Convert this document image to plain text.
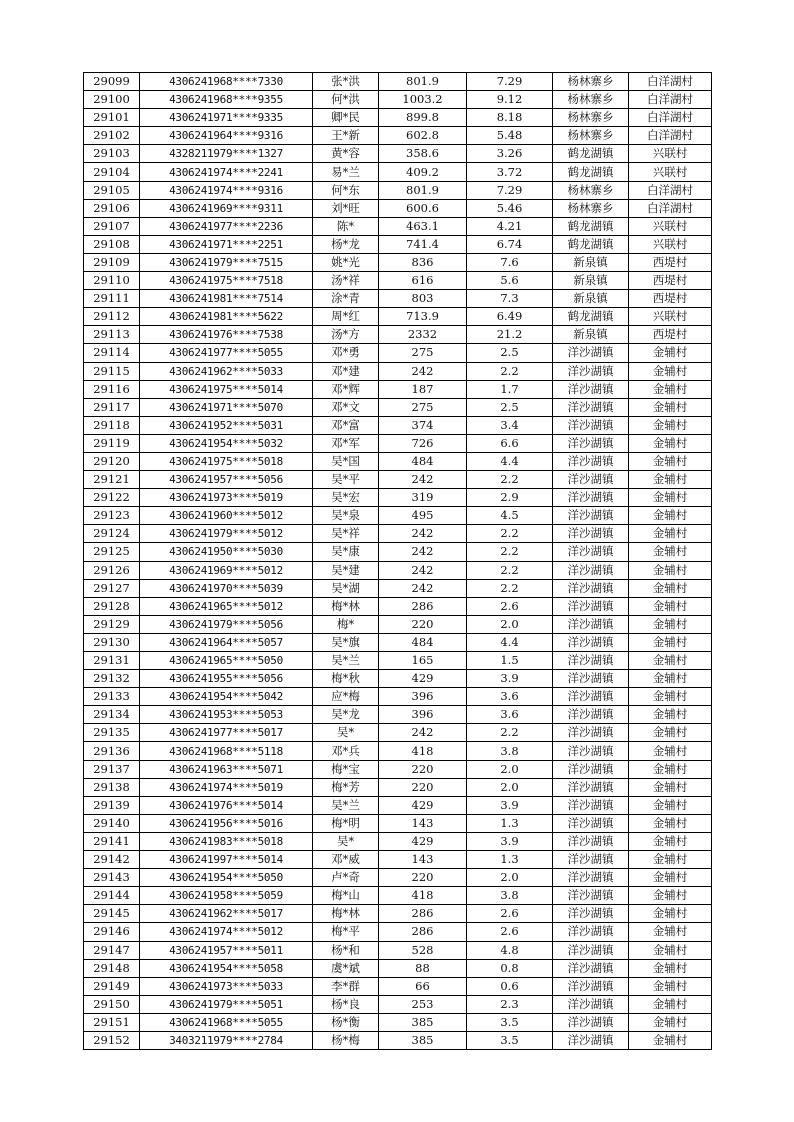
29099	4306241968****7330	张*洪	801.9	7.29	杨林寨乡	白洋湖村
29100	4306241968****9355	何*洪	1003.2	9.12	杨林寨乡	白洋湖村
29101	4306241971****9335	卿*民	899.8	8.18	杨林寨乡	白洋湖村
29102	4306241964****9316	王*新	602.8	5.48	杨林寨乡	白洋湖村
29103	4328211979****1327	黄*容	358.6	3.26	鹤龙湖镇	兴联村
29104	4306241974****2241	易*兰	409.2	3.72	鹤龙湖镇	兴联村
29105	4306241974****9316	何*东	801.9	7.29	杨林寨乡	白洋湖村
29106	4306241969****9311	刘*旺	600.6	5.46	杨林寨乡	白洋湖村
29107	4306241977****2236	陈*	463.1	4.21	鹤龙湖镇	兴联村
29108	4306241971****2251	杨*龙	741.4	6.74	鹤龙湖镇	兴联村
29109	4306241979****7515	姚*光	836	7.6	新泉镇	西堤村
29110	4306241975****7518	汤*祥	616	5.6	新泉镇	西堤村
29111	4306241981****7514	涂*青	803	7.3	新泉镇	西堤村
29112	4306241981****5622	周*红	713.9	6.49	鹤龙湖镇	兴联村
29113	4306241976****7538	汤*方	2332	21.2	新泉镇	西堤村
29114	4306241977****5055	邓*勇	275	2.5	洋沙湖镇	金辅村
29115	4306241962****5033	邓*建	242	2.2	洋沙湖镇	金辅村
29116	4306241975****5014	邓*辉	187	1.7	洋沙湖镇	金辅村
29117	4306241971****5070	邓*文	275	2.5	洋沙湖镇	金辅村
29118	4306241952****5031	邓*富	374	3.4	洋沙湖镇	金辅村
29119	4306241954****5032	邓*军	726	6.6	洋沙湖镇	金辅村
29120	4306241975****5018	吴*国	484	4.4	洋沙湖镇	金辅村
29121	4306241957****5056	吴*平	242	2.2	洋沙湖镇	金辅村
29122	4306241973****5019	吴*宏	319	2.9	洋沙湖镇	金辅村
29123	4306241960****5012	吴*泉	495	4.5	洋沙湖镇	金辅村
29124	4306241979****5012	吴*祥	242	2.2	洋沙湖镇	金辅村
29125	4306241950****5030	吴*康	242	2.2	洋沙湖镇	金辅村
29126	4306241969****5012	吴*建	242	2.2	洋沙湖镇	金辅村
29127	4306241970****5039	吴*湖	242	2.2	洋沙湖镇	金辅村
29128	4306241965****5012	梅*林	286	2.6	洋沙湖镇	金辅村
29129	4306241979****5056	梅*	220	2.0	洋沙湖镇	金辅村
29130	4306241964****5057	吴*旗	484	4.4	洋沙湖镇	金辅村
29131	4306241965****5050	吴*兰	165	1.5	洋沙湖镇	金辅村
29132	4306241955****5056	梅*秋	429	3.9	洋沙湖镇	金辅村
29133	4306241954****5042	应*梅	396	3.6	洋沙湖镇	金辅村
29134	4306241953****5053	吴*龙	396	3.6	洋沙湖镇	金辅村
29135	4306241977****5017	吴*	242	2.2	洋沙湖镇	金辅村
29136	4306241968****5118	邓*兵	418	3.8	洋沙湖镇	金辅村
29137	4306241963****5071	梅*宝	220	2.0	洋沙湖镇	金辅村
29138	4306241974****5019	梅*芳	220	2.0	洋沙湖镇	金辅村
29139	4306241976****5014	吴*兰	429	3.9	洋沙湖镇	金辅村
29140	4306241956****5016	梅*明	143	1.3	洋沙湖镇	金辅村
29141	4306241983****5018	吴*	429	3.9	洋沙湖镇	金辅村
29142	4306241997****5014	邓*威	143	1.3	洋沙湖镇	金辅村
29143	4306241954****5050	卢*奇	220	2.0	洋沙湖镇	金辅村
29144	4306241958****5059	梅*山	418	3.8	洋沙湖镇	金辅村
29145	4306241962****5017	梅*林	286	2.6	洋沙湖镇	金辅村
29146	4306241974****5012	梅*平	286	2.6	洋沙湖镇	金辅村
29147	4306241957****5011	杨*和	528	4.8	洋沙湖镇	金辅村
29148	4306241954****5058	虞*斌	88	0.8	洋沙湖镇	金辅村
29149	4306241973****5033	李*群	66	0.6	洋沙湖镇	金辅村
29150	4306241979****5051	杨*良	253	2.3	洋沙湖镇	金辅村
29151	4306241968****5055	杨*衡	385	3.5	洋沙湖镇	金辅村
29152	3403211979****2784	杨*梅	385	3.5	洋沙湖镇	金辅村
